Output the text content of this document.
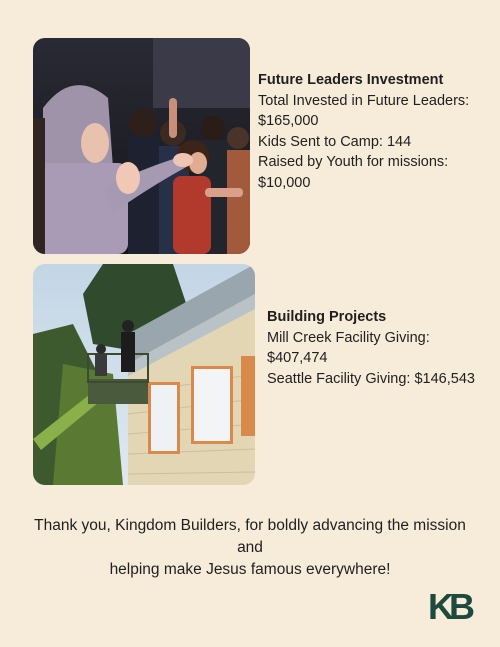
Future Leaders Investment
Total Invested in Future Leaders:
$165,000
Kids Sent to Camp: 144
Raised by Youth for missions:
$10,000
Building Projects
Mill Creek Facility Giving:
$407,474
Seattle Facility Giving: $146,543
Thank you, Kingdom Builders, for boldly advancing the mission and
helping make Jesus famous everywhere!
KB
